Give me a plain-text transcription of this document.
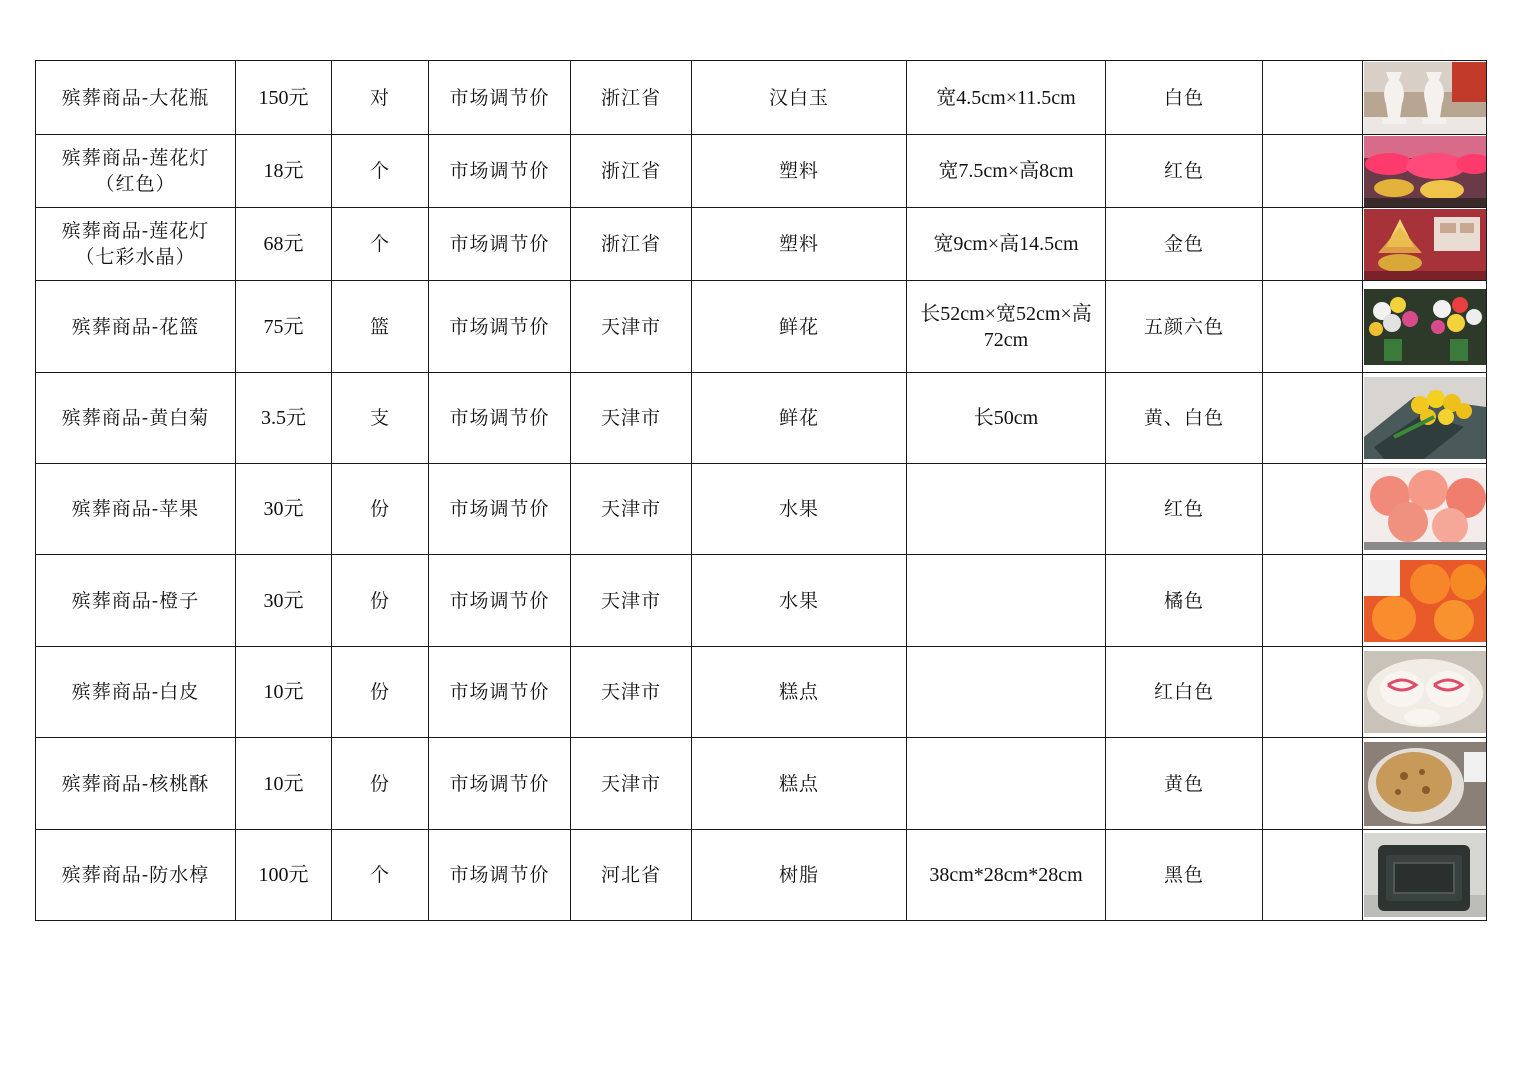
殡葬商品-大花瓶	150元	对	市场调节价	浙江省	汉白玉	宽4.5cm×11.5cm	白色		

殡葬商品-莲花灯（红色）	18元	个	市场调节价	浙江省	塑料	宽7.5cm×高8cm	红色		

殡葬商品-莲花灯（七彩水晶）	68元	个	市场调节价	浙江省	塑料	宽9cm×高14.5cm	金色		

殡葬商品-花篮	75元	篮	市场调节价	天津市	鲜花	长52cm×宽52cm×高72cm	五颜六色		

殡葬商品-黄白菊	3.5元	支	市场调节价	天津市	鲜花	长50cm	黄、白色		

殡葬商品-苹果	30元	份	市场调节价	天津市	水果		红色		

殡葬商品-橙子	30元	份	市场调节价	天津市	水果		橘色		

殡葬商品-白皮	10元	份	市场调节价	天津市	糕点		红白色		

殡葬商品-核桃酥	10元	份	市场调节价	天津市	糕点		黄色		

殡葬商品-防水椁	100元	个	市场调节价	河北省	树脂	38cm*28cm*28cm	黑色		
